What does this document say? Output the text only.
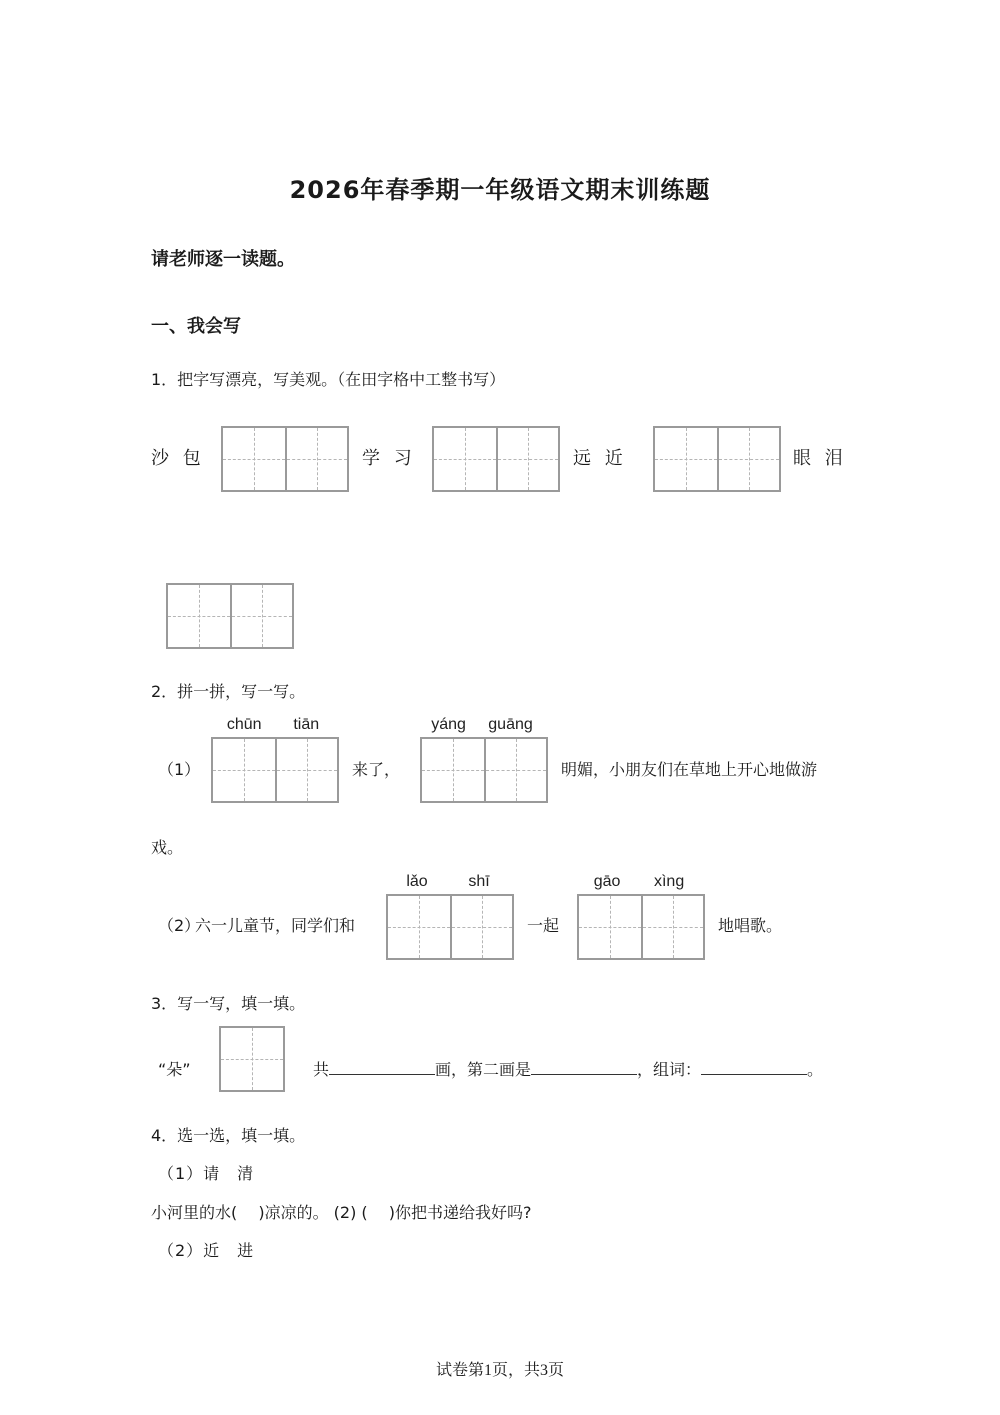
2026年春季期一年级语文期末训练题
请老师逐一读题。
一、我会写
1．把字写漂亮，写美观。（在田字格中工整书写）
沙 包	学 习	远 近	眼 泪
2．拼一拼，写一写。
（1）
chūn tiān
来了，
yáng guāng
明媚，小朋友们在草地上开心地做游
戏。
（2）
六一儿童节，同学们和
lǎo	shī
一起
gāo xìng
地唱歌。
3．写一写，填一填。
“朵”	共	画，第二画是	，组词：	。
4．选一选，填一填。
（1）请　清
小河里的水(　 )凉凉的。 (2) (　 )你把书递给我好吗?
（2）近　进
试卷第1页，共3页
